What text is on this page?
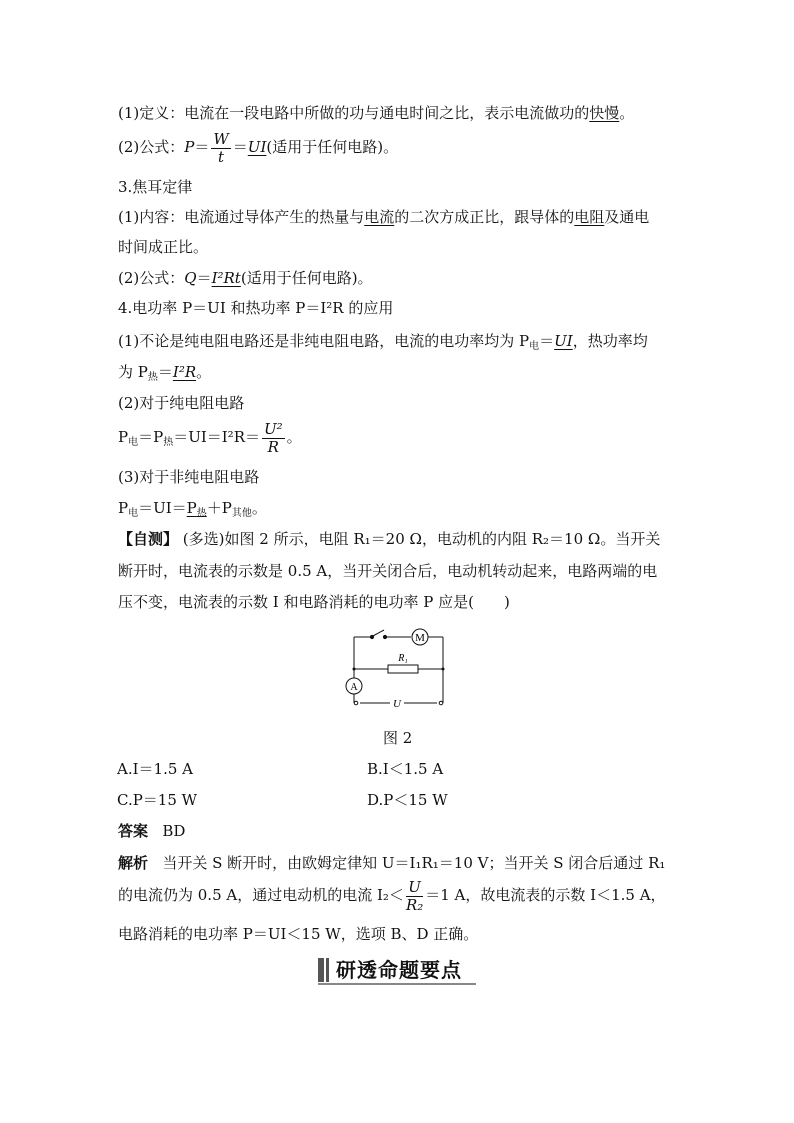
(1)定义：电流在一段电路中所做的功与通电时间之比，表示电流做功的快慢。
(2)公式：$P= \frac{W}{t} =UI$(适用于任何电路)。
3.焦耳定律
(1)内容：电流通过导体产生的热量与电流的二次方成正比，跟导体的电阻及通电
时间成正比。
(2)公式：Q＝I²Rt(适用于任何电路)。
4.电功率 P＝UI 和热功率 P＝I²R 的应用
(1)不论是纯电阻电路还是非纯电阻电路，电流的电功率均为 $P_电=UI$，热功率均
为 $P_热=I^2R$。
(2)对于纯电阻电路
$P_电=P_热=UI=I^2R= \frac{\text{U²}}{R}$ 。
(3)对于非纯电阻电路
$P_电=UI=P_热+P_{其他}$。
【自测】 (多选)如图 2 所示，电阻 R₁＝20 Ω，电动机的内阻 R₂＝10 Ω。当开关
断开时，电流表的示数是 0.5 A，当开关闭合后，电动机转动起来，电路两端的电
压不变，电流表的示数 I 和电路消耗的电功率 P 应是(　　)
M
R₁
A
U
图 2
A.I＝1.5 A	B.I＜1.5 A
C.P＝15 W	D.P＜15 W
答案 BD
解析 当开关 S 断开时，由欧姆定律知 U＝I₁R₁＝10 V；当开关 S 闭合后通过 R₁
的电流仍为 0.5 A，通过电动机的电流 $I_2< \frac{U}{\text{R₂}} =1$ A，故电流表的示数 I＜1.5 A，
电路消耗的电功率 P＝UI＜15 W，选项 B、D 正确。
研透命题要点
